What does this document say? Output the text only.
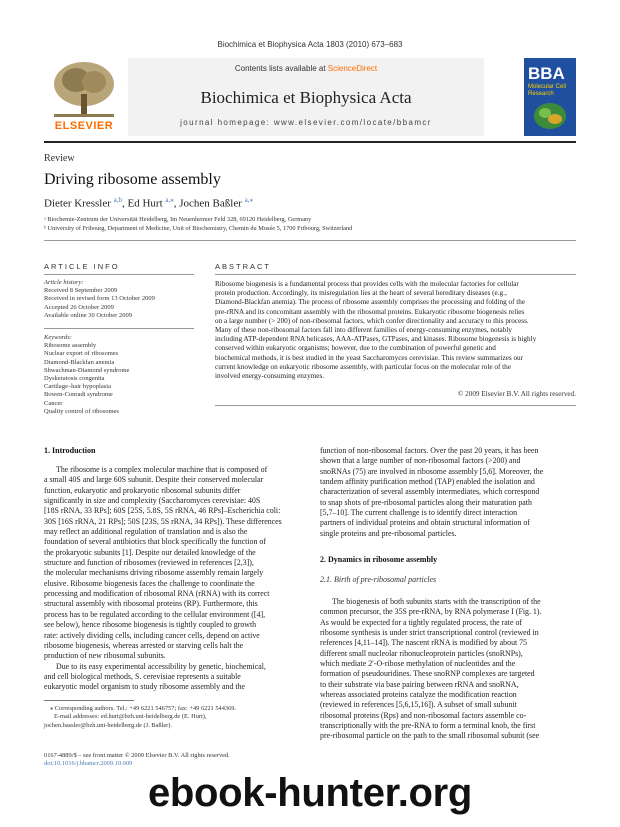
Biochimica et Biophysica Acta 1803 (2010) 673–683
ELSEVIER
Contents lists available at ScienceDirect
Biochimica et Biophysica Acta
journal homepage: www.elsevier.com/locate/bbamcr
BBA
Molecular Cell Research
Review
Driving ribosome assembly
Dieter Kressler $^{a,b}$, Ed Hurt $^{a,⁎}$, Jochen Baßler $^{a,⁎}$
ᵃ Biochemie-Zentrum der Universität Heidelberg, Im Neuenheimer Feld 328, 69120 Heidelberg, Germany
ᵇ University of Fribourg, Department of Medicine, Unit of Biochemistry, Chemin du Musée 5, 1700 Fribourg, Switzerland
ARTICLE INFO
Article history:
Received 8 September 2009
Received in revised form 13 October 2009
Accepted 26 October 2009
Available online 30 October 2009
Keywords:
Ribosome assembly
Nuclear export of ribosomes
Diamond-Blackfan anemia
Shwachman-Diamond syndrome
Dyskeratosis congenita
Cartilage–hair hypoplasia
Bowen-Conradi syndrome
Cancer
Quality control of ribosomes
ABSTRACT
Ribosome biogenesis is a fundamental process that provides cells with the molecular factories for cellular
protein production. Accordingly, its misregulation lies at the heart of several hereditary diseases (e.g.,
Diamond-Blackfan anemia). The process of ribosome assembly comprises the processing and folding of the
pre-rRNA and its concomitant assembly with the ribosomal proteins. Eukaryotic ribosome biogenesis relies
on a large number (> 200) of non-ribosomal factors, which confer directionality and accuracy to this process.
Many of these non-ribosomal factors fall into different families of energy-consuming enzymes, notably
including ATP-dependent RNA helicases, AAA-ATPases, GTPases, and kinases. Ribosome biogenesis is highly
conserved within eukaryotic organisms; however, due to the combination of powerful genetic and
biochemical methods, it is best studied in the yeast Saccharomyces cerevisiae. This review summarizes our
current knowledge on eukaryotic ribosome assembly, with particular focus on the molecular role of the
involved energy-consuming enzymes.
© 2009 Elsevier B.V. All rights reserved.
1. Introduction
The ribosome is a complex molecular machine that is composed of
a small 40S and large 60S subunit. Despite their conserved molecular
function, eukaryotic and prokaryotic ribosomal subunits differ
significantly in size and complexity (Saccharomyces cerevisiae: 40S
[18S rRNA, 33 RPs]; 60S [25S, 5.8S, 5S rRNA, 46 RPs]–Escherichia coli:
30S [16S rRNA, 21 RPs]; 50S [23S, 5S rRNA, 34 RPs]). These differences
may reflect an additional regulation of translation and is also the
foundation of several antibiotics that block specifically the function of
the prokaryotic subunits [1]. Despite our detailed knowledge of the
structure and function of ribosomes (reviewed in references [2,3]),
the molecular mechanisms driving ribosome assembly remain largely
elusive. Ribosome biogenesis faces the challenge to coordinate the
processing and modification of ribosomal RNA (rRNA) with its correct
structural assembly with ribosomal proteins (RP). Furthermore, this
process has to be regulated according to the cellular environment ([4],
see below), hence ribosome biogenesis is tightly coupled to growth
rate: actively dividing cells, including cancer cells, depend on active
ribosome biogenesis, whereas arrested or starving cells halt the
production of new ribosomal subunits.
Due to its easy experimental accessibility by genetic, biochemical,
and cell biological methods, S. cerevisiae represents a suitable
eukaryotic model organism to study ribosome assembly and the
⁎ Corresponding authors. Tel.: +49 6221 546757; fax: +49 6221 544369.
E-mail addresses: ed.hurt@bzh.uni-heidelberg.de (E. Hurt),
jochen.bassler@bzh.uni-heidelberg.de (J. Baßler).
0167-4889/$ – see front matter © 2009 Elsevier B.V. All rights reserved.
doi:10.1016/j.bbamcr.2009.10.009
function of non-ribosomal factors. Over the past 20 years, it has been
shown that a large number of non-ribosomal factors (>200) and
snoRNAs (75) are involved in ribosome assembly [5,6]. Moreover, the
tandem affinity purification method (TAP) enabled the isolation and
characterization of several assembly intermediates, which correspond
to snap shots of pre-ribosomal particles along their maturation path
[5,7–10]. The current challenge is to identify direct interaction
partners of individual proteins and obtain structural information of
single proteins and pre-ribosomal particles.
2. Dynamics in ribosome assembly
2.1. Birth of pre-ribosomal particles
The biogenesis of both subunits starts with the transcription of the
common precursor, the 35S pre-rRNA, by RNA polymerase I (Fig. 1).
As would be expected for a tightly regulated process, the rate of
ribosome synthesis is under strict transcriptional control (reviewed in
references [4,11–14]). The nascent rRNA is modified by about 75
different small nucleolar ribonucleoprotein particles (snoRNPs),
which mediate 2′-O-ribose methylation of nucleotides and the
formation of pseudouridines. These snoRNP complexes are targeted
to their substrate via base pairing between rRNA and snoRNA,
whereas associated proteins catalyze the modification reaction
(reviewed in references [5,6,15,16]). A subset of small subunit
ribosomal proteins (Rps) and non-ribosomal factors assemble co-
transcriptionally with the pre-RNA to form a terminal knob, the first
pre-ribosomal particle on the path to the small ribosomal subunit (see
ebook-hunter.org
